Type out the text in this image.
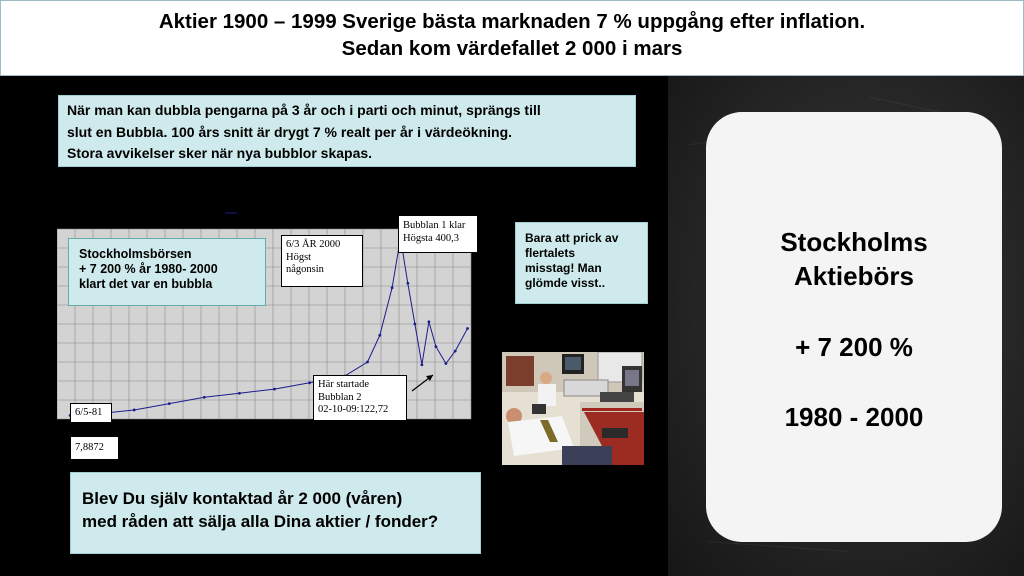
Aktier 1900 – 1999 Sverige bästa marknaden 7 % uppgång efter inflation.
Sedan kom värdefallet 2 000 i mars
När man kan dubbla pengarna på 3 år och i parti och minut, sprängs till
slut en Bubbla. 100 års snitt är drygt 7 % realt per år i värdeökning.
Stora avvikelser sker när nya bubblor skapas.
Affärsvärldens Generalindex
Stockholmsbörsen
+ 7 200 % år 1980- 2000
klart det var en bubbla
6/3 ÅR 2000
Högst
någonsin
Bubblan 1 klar
Högsta 400,3
Här startade
Bubblan 2
02-10-09:122,72
6/5-81
7,8872
Bara att prick av
flertalets
misstag! Man
glömde visst..
Blev Du själv kontaktad år 2 000 (våren)
med råden att sälja alla Dina aktier / fonder?
Stockholms
Aktiebörs
+ 7 200 %
1980 - 2000
